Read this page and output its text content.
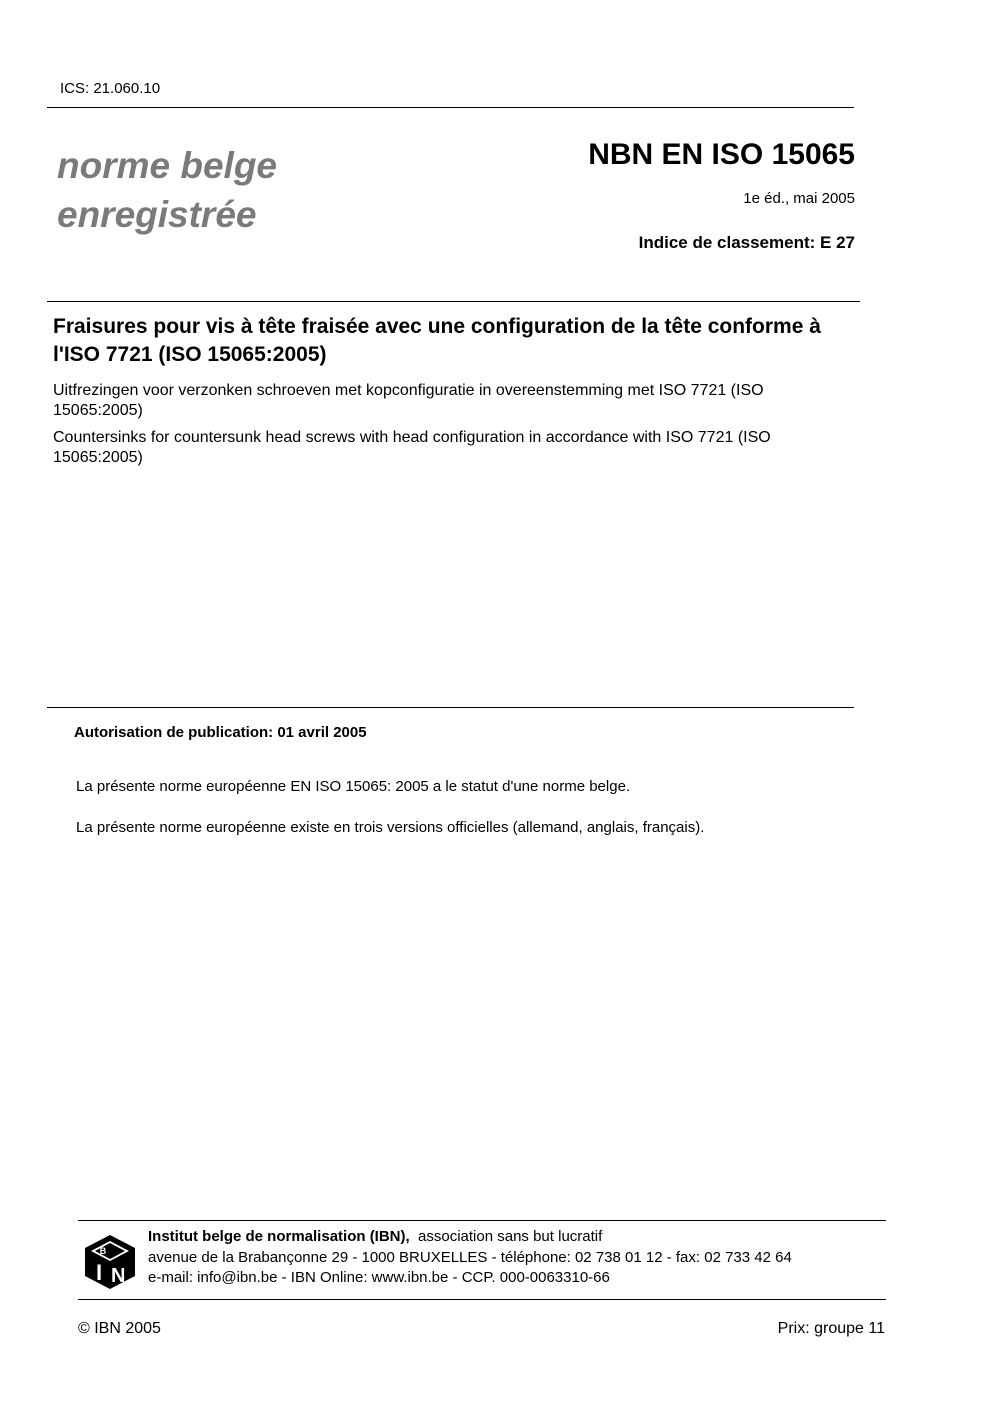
ICS: 21.060.10
norme belge
enregistrée
NBN EN ISO 15065
1e éd., mai 2005
Indice de classement: E 27
Fraisures pour vis à tête fraisée avec une configuration de la tête conforme à l'ISO 7721 (ISO 15065:2005)
Uitfrezingen voor verzonken schroeven met kopconfiguratie in overeenstemming met ISO 7721 (ISO 15065:2005)
Countersinks for countersunk head screws with head configuration in accordance with ISO 7721 (ISO 15065:2005)
Autorisation de publication: 01 avril 2005
La présente norme européenne EN ISO 15065: 2005 a le statut d'une norme belge.
La présente norme européenne existe en trois versions officielles (allemand, anglais, français).
B
I N
Institut belge de normalisation (IBN), association sans but lucratif
avenue de la Brabançonne 29 - 1000 BRUXELLES - téléphone: 02 738 01 12 - fax: 02 733 42 64
e-mail: info@ibn.be - IBN Online: www.ibn.be - CCP. 000-0063310-66
© IBN 2005	Prix: groupe 11
